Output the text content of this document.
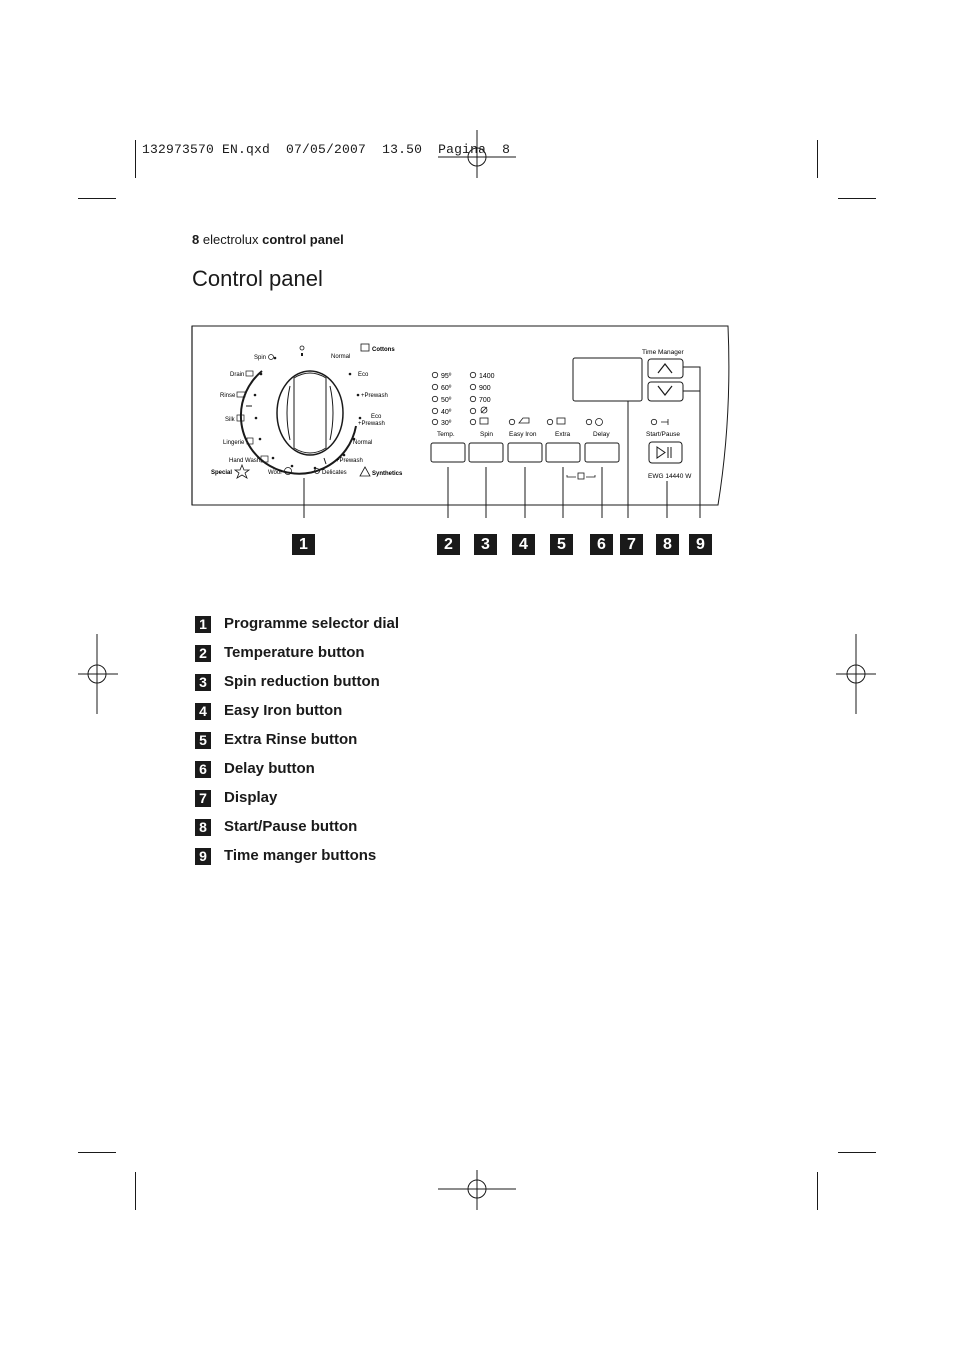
132973570 EN.qxd 07/05/2007 13.50 Pagina 8
8 electrolux control panel
Control panel
Spin
Drain
Rinse
Silk
Lingerie
Hand Wash
Special	Wool	Delicates
Cottons
Normal
Eco
+Prewash
Eco
+Prewash
Normal
+Prewash
Synthetics
95º
60º
50º
40º
30º
1400
900
700
Temp.	Spin Easy Iron	Extra	Delay
Time Manager
Start/Pause
EWG 14440 W
1	2	3	4	5	6	7	8	9
1 Programme selector dial
2 Temperature button
3 Spin reduction button
4 Easy Iron button
5 Extra Rinse button
6 Delay button
7 Display
8 Start/Pause button
9 Time manger buttons
